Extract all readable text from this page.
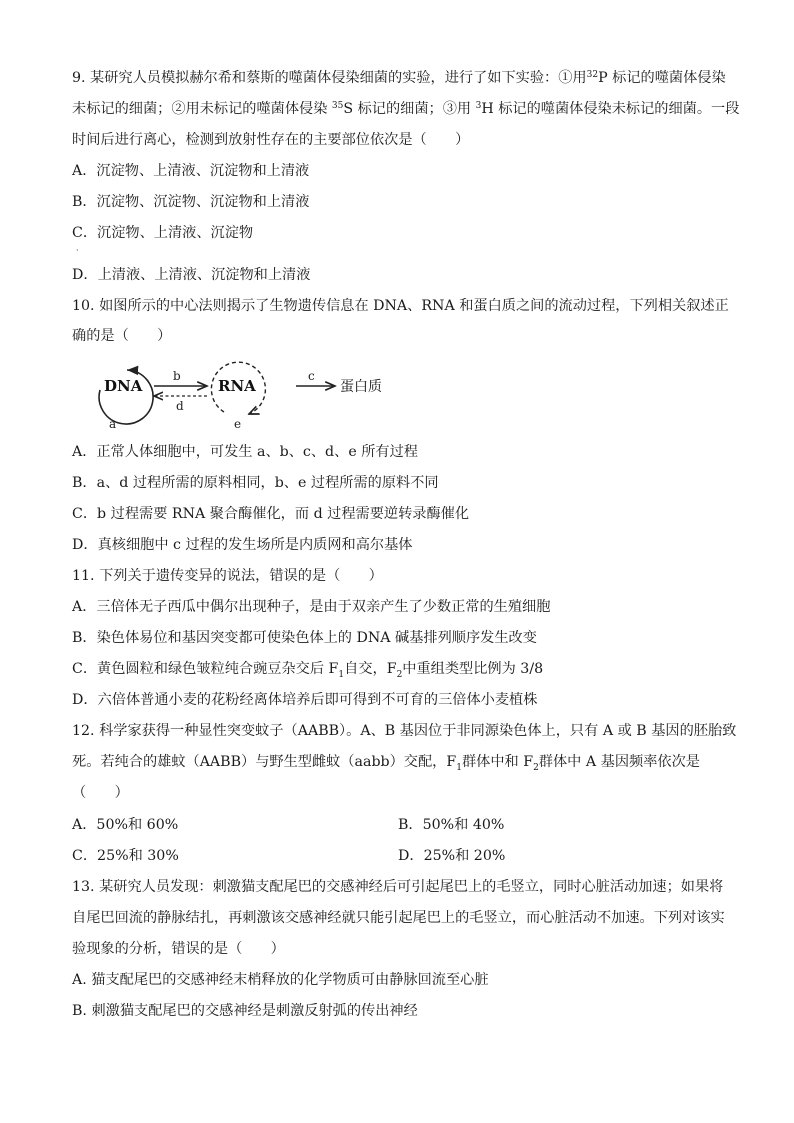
9. 某研究人员模拟赫尔希和蔡斯的噬菌体侵染细菌的实验，进行了如下实验：①用$^{32}$P 标记的噬菌体侵染
未标记的细菌；②用未标记的噬菌体侵染 $^{35}$S 标记的细菌；③用 $^3$H 标记的噬菌体侵染未标记的细菌。一段
时间后进行离心，检测到放射性存在的主要部位依次是（　　）
A．沉淀物、上清液、沉淀物和上清液
B．沉淀物、沉淀物、沉淀物和上清液
C．沉淀物、上清液、沉淀物
·
D．上清液、上清液、沉淀物和上清液
10. 如图所示的中心法则揭示了生物遗传信息在 DNA、RNA 和蛋白质之间的流动过程，下列相关叙述正
确的是（　　）
DNA
a
b
d
RNA
e
c
蛋白质
A．正常人体细胞中，可发生 a、b、c、d、e 所有过程
B．a、d 过程所需的原料相同，b、e 过程所需的原料不同
C．b 过程需要 RNA 聚合酶催化，而 d 过程需要逆转录酶催化
D．真核细胞中 c 过程的发生场所是内质网和高尔基体
11. 下列关于遗传变异的说法，错误的是（　　）
A．三倍体无子西瓜中偶尔出现种子，是由于双亲产生了少数正常的生殖细胞
B．染色体易位和基因突变都可使染色体上的 DNA 碱基排列顺序发生改变
C．黄色圆粒和绿色皱粒纯合豌豆杂交后 $F_1$自交，$F_2$中重组类型比例为 3/8
D．六倍体普通小麦的花粉经离体培养后即可得到不可育的三倍体小麦植株
12. 科学家获得一种显性突变蚊子（AABB）。A、B 基因位于非同源染色体上，只有 A 或 B 基因的胚胎致
死。若纯合的雄蚊（AABB）与野生型雌蚊（aabb）交配，$F_1$群体中和 $F_2$群体中 A 基因频率依次是
（　　）
A．50%和 60%	B．50%和 40%
C．25%和 30%	D．25%和 20%
13. 某研究人员发现：刺激猫支配尾巴的交感神经后可引起尾巴上的毛竖立，同时心脏活动加速；如果将
自尾巴回流的静脉结扎，再刺激该交感神经就只能引起尾巴上的毛竖立，而心脏活动不加速。下列对该实
验现象的分析，错误的是（　　）
A. 猫支配尾巴的交感神经末梢释放的化学物质可由静脉回流至心脏
B. 刺激猫支配尾巴的交感神经是刺激反射弧的传出神经
